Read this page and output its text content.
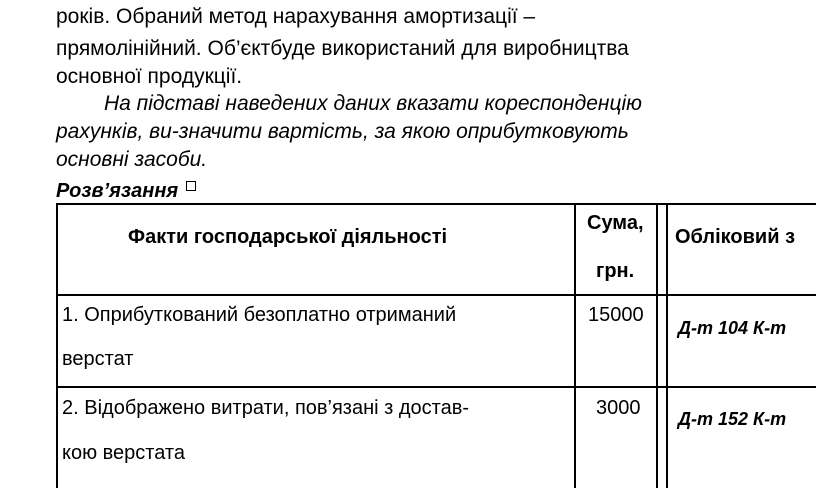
років. Обраний метод нарахування амортизації –
прямолінійний. Об’єктбуде використаний для виробництва
основної продукції.
На підставі наведених даних вказати кореспонденцію
рахунків, ви-значити вартість, за якою оприбутковують
основні засоби.
Розв’язання
Факти господарської діяльності
Сума,
грн.
Обліковий з
1. Оприбуткований безоплатно отриманий
верстат
15000
Д-т 104 К-т
2. Відображено витрати, пов’язані з достав-
кою верстата
3000 Д-т 152 К-т
